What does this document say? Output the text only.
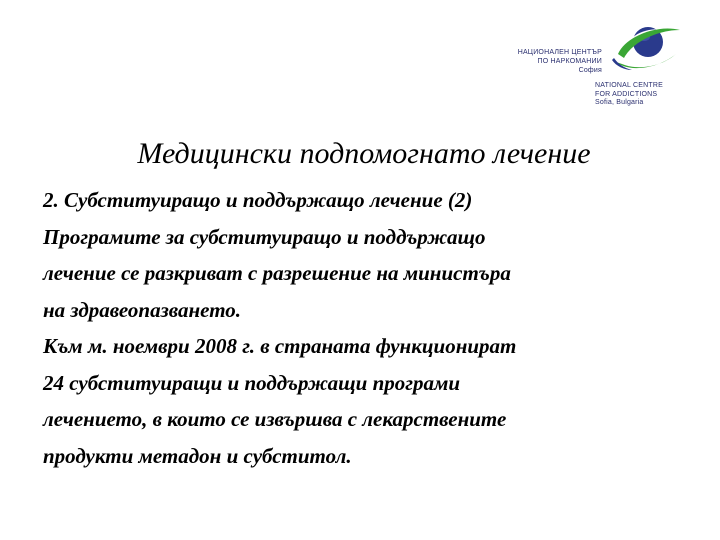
НАЦИОНАЛЕН ЦЕНТЪР
ПО НАРКОМАНИИ
София
NATIONAL CENTRE
FOR ADDICTIONS
Sofia, Bulgaria
Медицински подпомогнато лечение
2. Субституиращо и поддържащо лечение (2)
Програмите за субституиращо и поддържащо
лечение се разкриват с разрешение на министъра
на здравеопазването.
Към м. ноември 2008 г. в страната функционират
24 субституиращи и поддържащи програми
лечението, в които се извършва с лекарствените
продукти метадон и субститол.
